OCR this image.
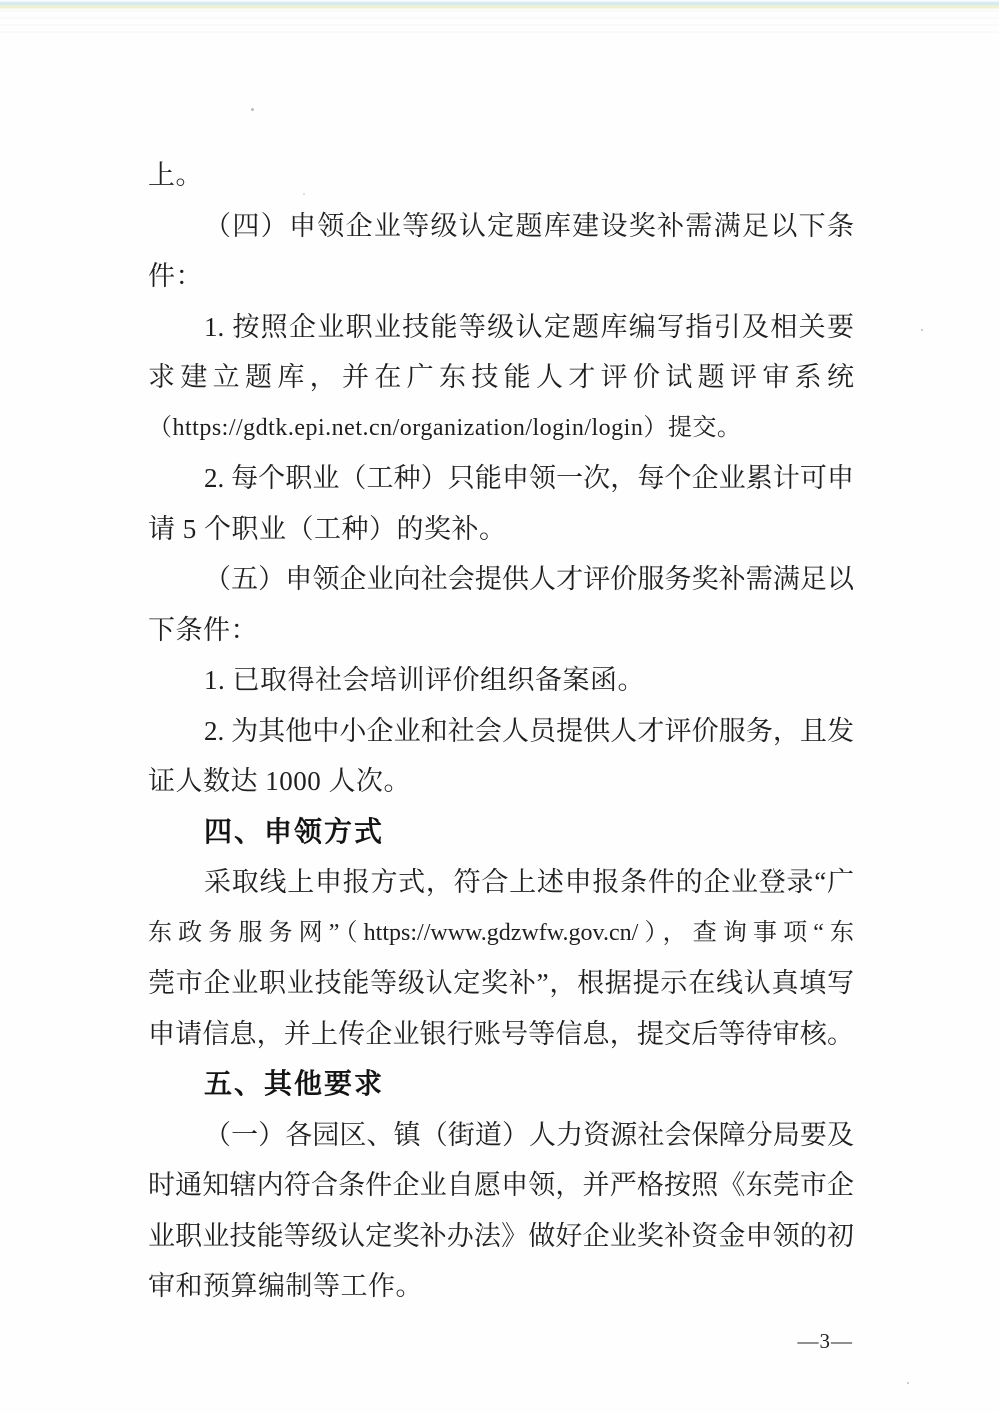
上。
（四）申领企业等级认定题库建设奖补需满足以下条
件：
1. 按照企业职业技能等级认定题库编写指引及相关要
求建立题库，并在广东技能人才评价试题评审系统
（https://gdtk.epi.net.cn/organization/login/login）提交。
2. 每个职业（工种）只能申领一次，每个企业累计可申
请 5 个职业（工种）的奖补。
（五）申领企业向社会提供人才评价服务奖补需满足以
下条件：
1. 已取得社会培训评价组织备案函。
2. 为其他中小企业和社会人员提供人才评价服务，且发
证人数达 1000 人次。
四、申领方式
采取线上申报方式，符合上述申报条件的企业登录“广
东政务服务网”（https://www.gdzwfw.gov.cn/），查询事项“东
莞市企业职业技能等级认定奖补”，根据提示在线认真填写
申请信息，并上传企业银行账号等信息，提交后等待审核。
五、其他要求
（一）各园区、镇（街道）人力资源社会保障分局要及
时通知辖内符合条件企业自愿申领，并严格按照《东莞市企
业职业技能等级认定奖补办法》做好企业奖补资金申领的初
审和预算编制等工作。
—3—
